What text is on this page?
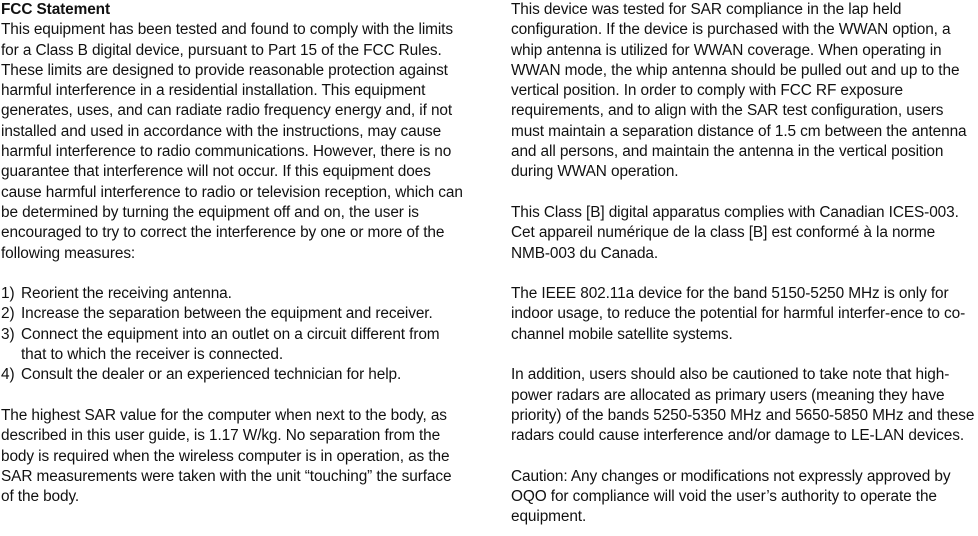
FCC Statement
This equipment has been tested and found to comply with the limits for a Class B digital device, pursuant to Part 15 of the FCC Rules. These limits are designed to provide reasonable protection against harmful interference in a residential installation. This equipment generates, uses, and can radiate radio frequency energy and, if not installed and used in accordance with the instructions, may cause harmful interference to radio communications. However, there is no guarantee that interference will not occur. If this equipment does cause harmful interference to radio or television reception, which can be determined by turning the equipment off and on, the user is encouraged to try to correct the interference by one or more of the following measures:

1) Reorient the receiving antenna.
2) Increase the separation between the equipment and receiver.
3) Connect the equipment into an outlet on a circuit different from that to which the receiver is connected.
4) Consult the dealer or an experienced technician for help.

The highest SAR value for the computer when next to the body, as described in this user guide, is 1.17 W/kg. No separation from the body is required when the wireless computer is in operation, as the SAR measurements were taken with the unit “touching” the surface of the body.

This device was tested for SAR compliance in the lap held configuration. If the device is purchased with the WWAN option, a whip antenna is utilized for WWAN coverage. When operating in WWAN mode, the whip antenna should be pulled out and up to the vertical position. In order to comply with FCC RF exposure requirements, and to align with the SAR test configuration, users must maintain a separation distance of 1.5 cm between the antenna and all persons, and maintain the antenna in the vertical position during WWAN operation.

This Class [B] digital apparatus complies with Canadian ICES-003. Cet appareil numérique de la class [B] est conformé à la norme NMB-003 du Canada.

The IEEE 802.11a device for the band 5150-5250 MHz is only for indoor usage, to reduce the potential for harmful interfer-ence to co-channel mobile satellite systems.

In addition, users should also be cautioned to take note that high-power radars are allocated as primary users (meaning they have priority) of the bands 5250-5350 MHz and 5650-5850 MHz and these radars could cause interference and/or damage to LE-LAN devices.

Caution: Any changes or modifications not expressly approved by OQO for compliance will void the user’s authority to operate the equipment.
